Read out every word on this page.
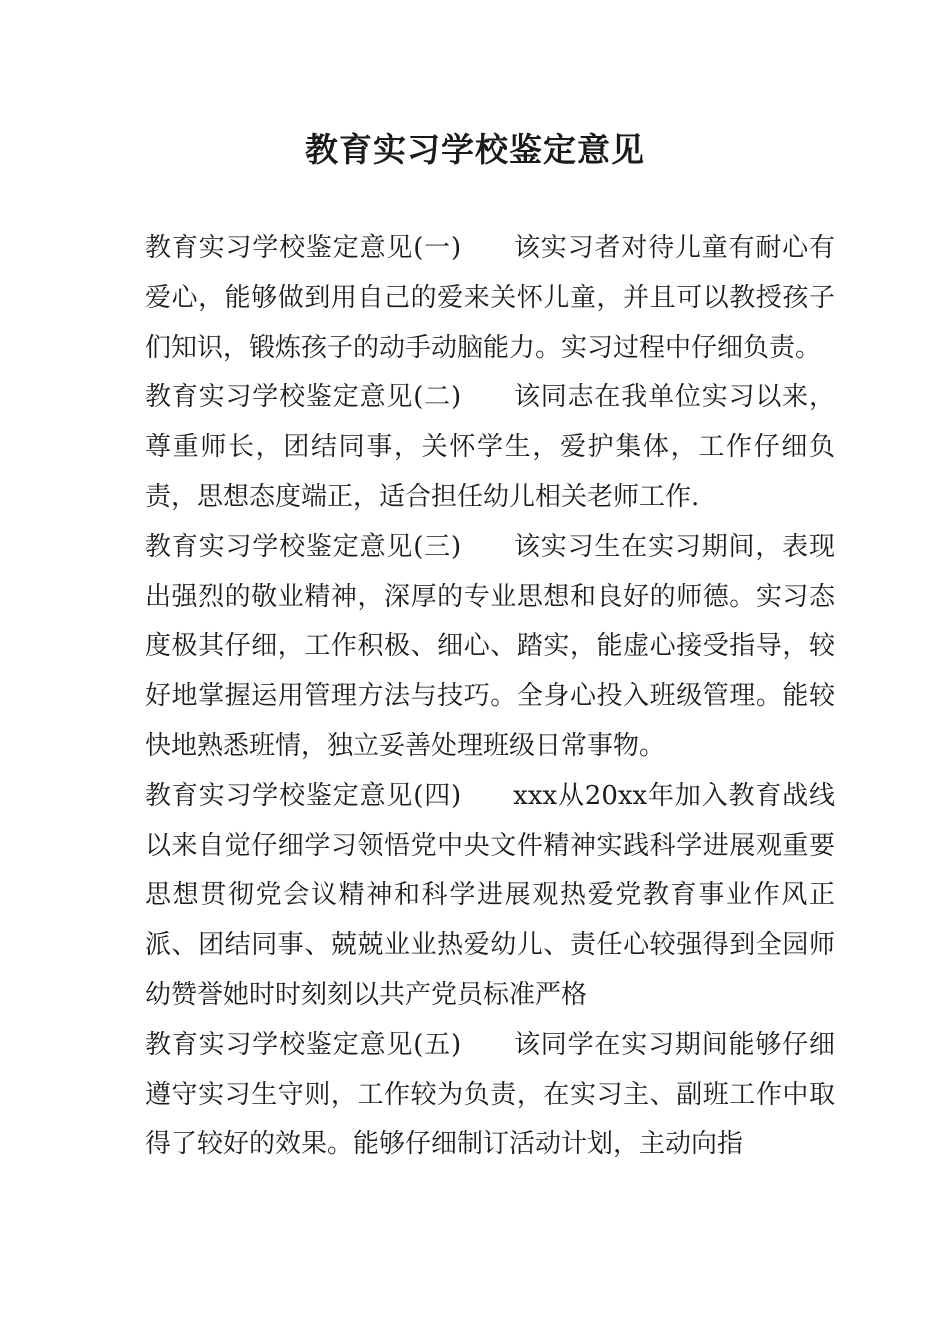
教育实习学校鉴定意见

教育实习学校鉴定意见(一) 该实习者对待儿童有耐心有爱心，能够做到用自己的爱来关怀儿童，并且可以教授孩子们知识，锻炼孩子的动手动脑能力。实习过程中仔细负责。

教育实习学校鉴定意见(二) 该同志在我单位实习以来，尊重师长，团结同事，关怀学生，爱护集体，工作仔细负责，思想态度端正，适合担任幼儿相关老师工作.

教育实习学校鉴定意见(三) 该实习生在实习期间，表现出强烈的敬业精神，深厚的专业思想和良好的师德。实习态度极其仔细，工作积极、细心、踏实，能虚心接受指导，较好地掌握运用管理方法与技巧。全身心投入班级管理。能较快地熟悉班情，独立妥善处理班级日常事物。

教育实习学校鉴定意见(四) xxx从20xx年加入教育战线以来自觉仔细学习领悟党中央文件精神实践科学进展观重要思想贯彻党会议精神和科学进展观热爱党教育事业作风正派、团结同事、兢兢业业热爱幼儿、责任心较强得到全园师幼赞誉她时时刻刻以共产党员标准严格

教育实习学校鉴定意见(五) 该同学在实习期间能够仔细遵守实习生守则，工作较为负责，在实习主、副班工作中取得了较好的效果。能够仔细制订活动计划，主动向指
